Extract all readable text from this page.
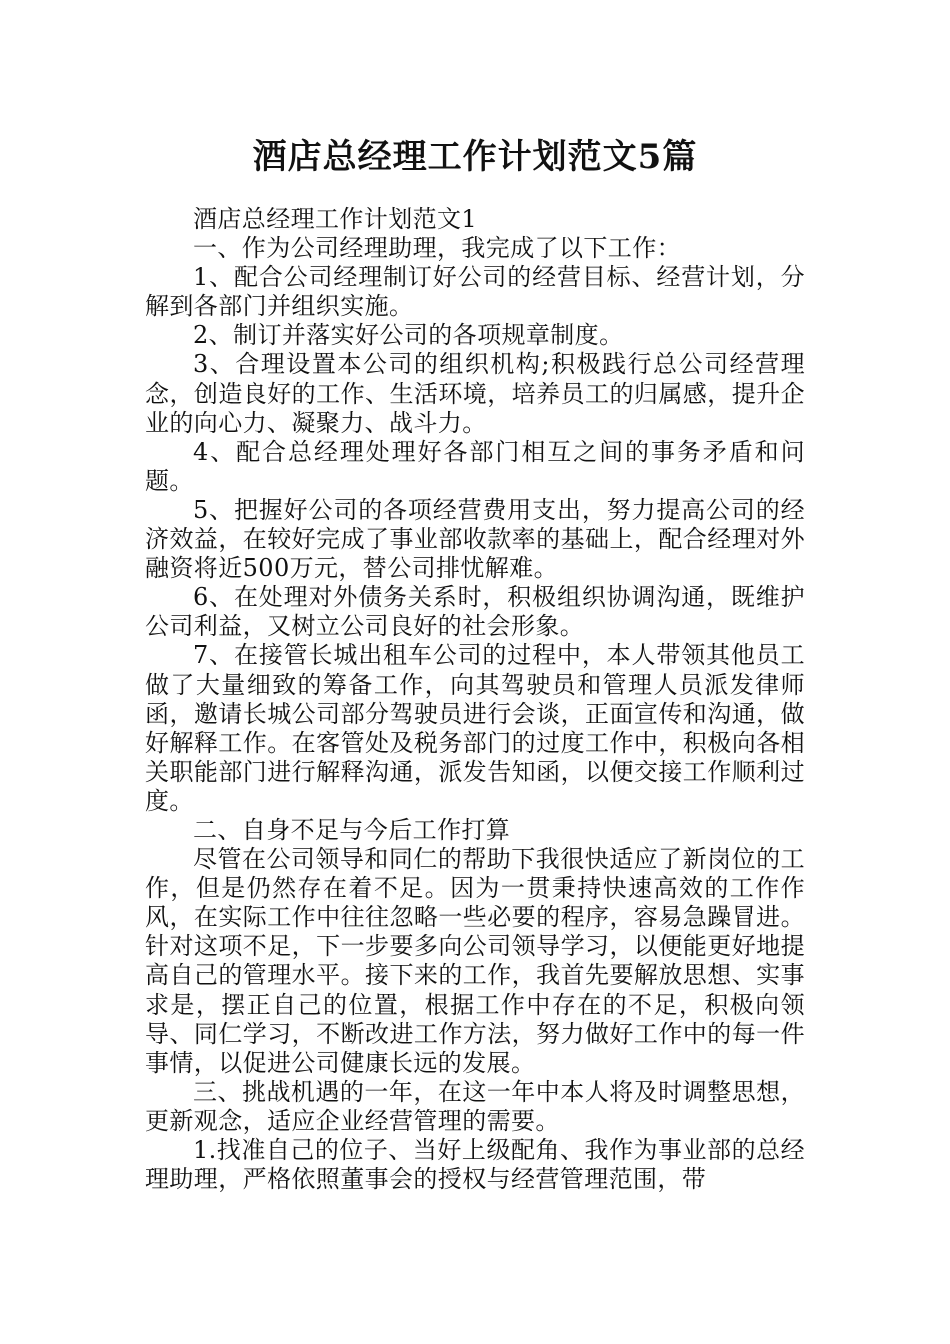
酒店总经理工作计划范文5篇

酒店总经理工作计划范文1

一、作为公司经理助理，我完成了以下工作：

1、配合公司经理制订好公司的经营目标、经营计划，分解到各部门并组织实施。

2、制订并落实好公司的各项规章制度。

3、合理设置本公司的组织机构;积极践行总公司经营理念，创造良好的工作、生活环境，培养员工的归属感，提升企业的向心力、凝聚力、战斗力。

4、配合总经理处理好各部门相互之间的事务矛盾和问题。

5、把握好公司的各项经营费用支出，努力提高公司的经济效益，在较好完成了事业部收款率的基础上，配合经理对外融资将近500万元，替公司排忧解难。

6、在处理对外债务关系时，积极组织协调沟通，既维护公司利益，又树立公司良好的社会形象。

7、在接管长城出租车公司的过程中，本人带领其他员工做了大量细致的筹备工作，向其驾驶员和管理人员派发律师函，邀请长城公司部分驾驶员进行会谈，正面宣传和沟通，做好解释工作。在客管处及税务部门的过度工作中，积极向各相关职能部门进行解释沟通，派发告知函，以便交接工作顺利过度。

二、自身不足与今后工作打算

尽管在公司领导和同仁的帮助下我很快适应了新岗位的工作，但是仍然存在着不足。因为一贯秉持快速高效的工作作风，在实际工作中往往忽略一些必要的程序，容易急躁冒进。针对这项不足，下一步要多向公司领导学习，以便能更好地提高自己的管理水平。接下来的工作，我首先要解放思想、实事求是，摆正自己的位置，根据工作中存在的不足，积极向领导、同仁学习，不断改进工作方法，努力做好工作中的每一件事情，以促进公司健康长远的发展。

三、挑战机遇的一年，在这一年中本人将及时调整思想，更新观念，适应企业经营管理的需要。

1.找准自己的位子、当好上级配角、我作为事业部的总经理助理，严格依照董事会的授权与经营管理范围，带
